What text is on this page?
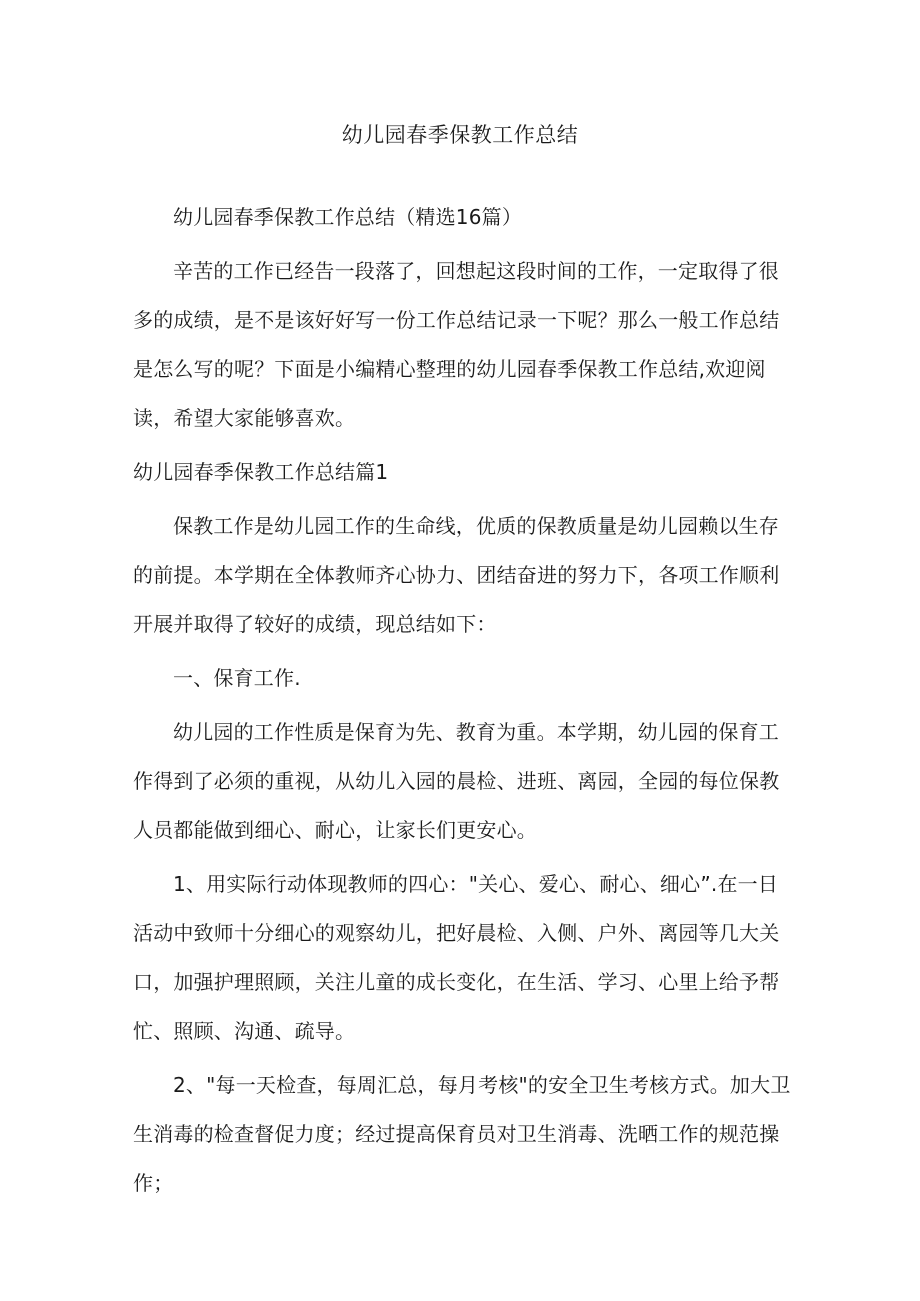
幼儿园春季保教工作总结

幼儿园春季保教工作总结（精选16篇）

辛苦的工作已经告一段落了，回想起这段时间的工作，一定取得了很多的成绩，是不是该好好写一份工作总结记录一下呢？那么一般工作总结是怎么写的呢？下面是小编精心整理的幼儿园春季保教工作总结,欢迎阅读，希望大家能够喜欢。

幼儿园春季保教工作总结篇1

保教工作是幼儿园工作的生命线，优质的保教质量是幼儿园赖以生存的前提。本学期在全体教师齐心协力、团结奋进的努力下，各项工作顺利开展并取得了较好的成绩，现总结如下：

一、保育工作.

幼儿园的工作性质是保育为先、教育为重。本学期，幼儿园的保育工作得到了必须的重视，从幼儿入园的晨检、进班、离园，全园的每位保教人员都能做到细心、耐心，让家长们更安心。

1、用实际行动体现教师的四心："关心、爱心、耐心、细心”.在一日活动中致师十分细心的观察幼儿，把好晨检、入侧、户外、离园等几大关口，加强护理照顾，关注儿童的成长变化，在生活、学习、心里上给予帮忙、照顾、沟通、疏导。

2、"每一天检查，每周汇总，每月考核"的安全卫生考核方式。加大卫生消毒的检查督促力度；经过提高保育员对卫生消毒、洗晒工作的规范操作；
